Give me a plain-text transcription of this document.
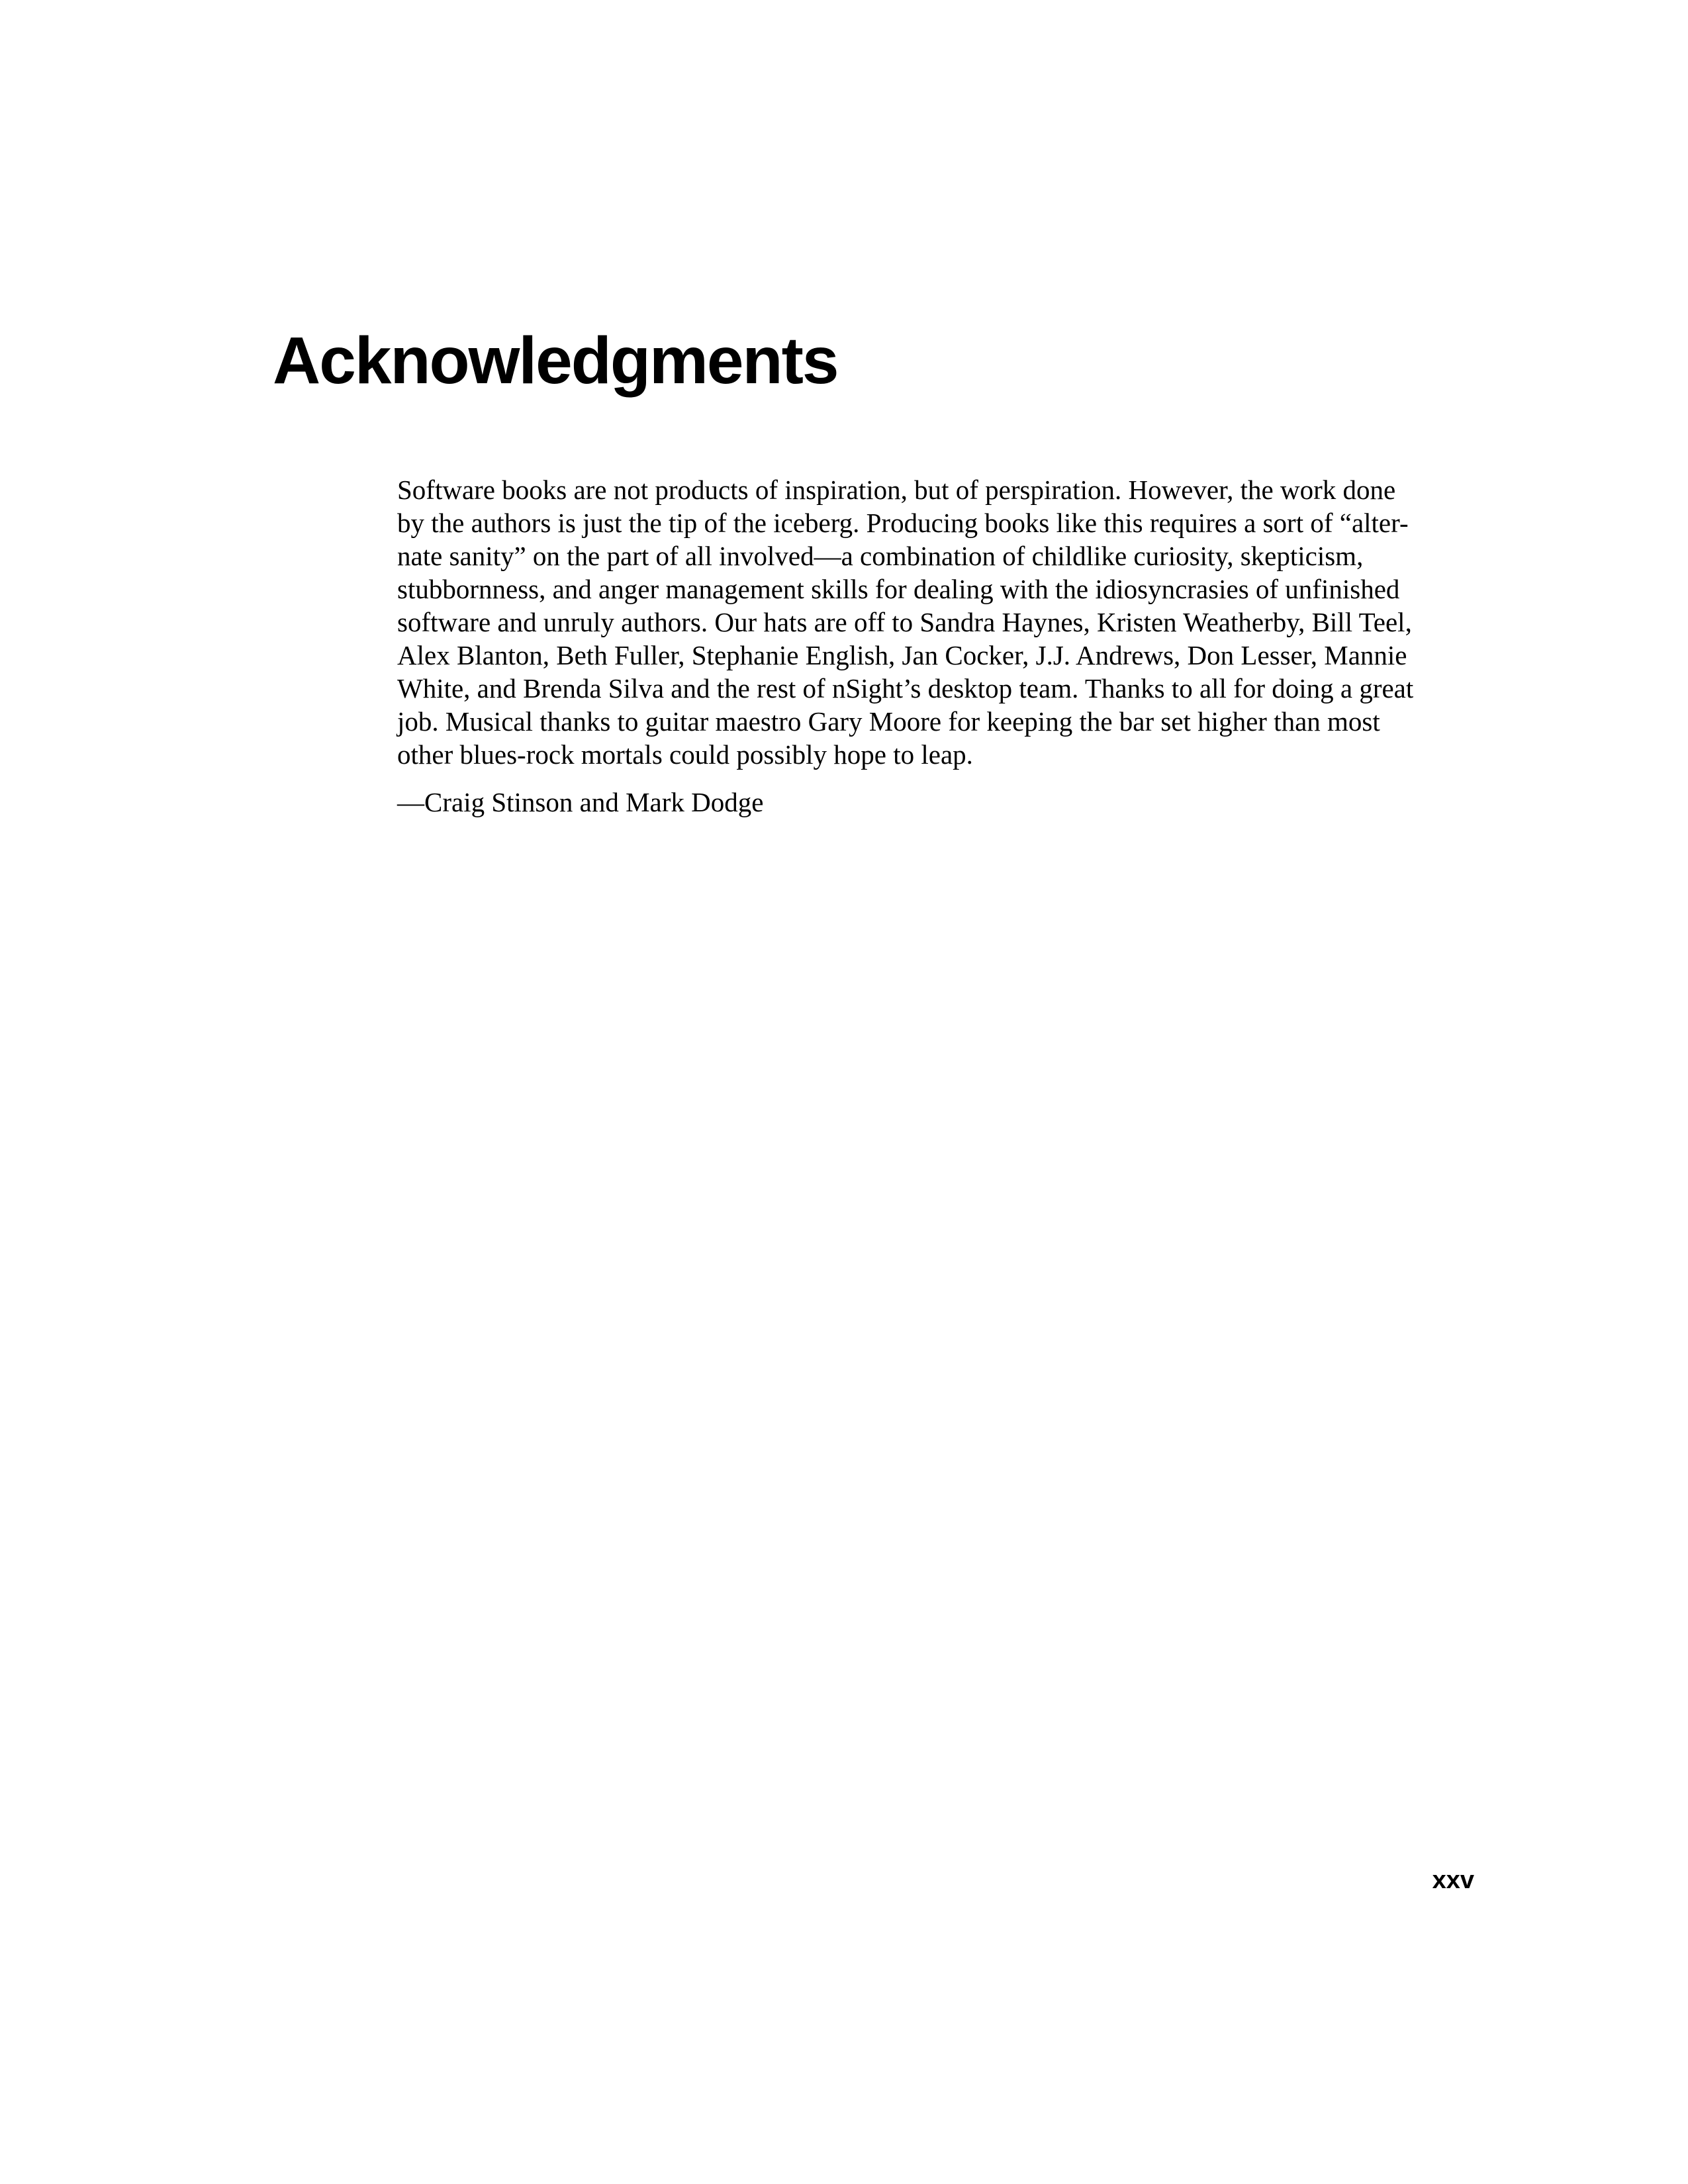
Acknowledgments

Software books are not products of inspiration, but of perspiration. However, the work done
by the authors is just the tip of the iceberg. Producing books like this requires a sort of “alter-
nate sanity” on the part of all involved—a combination of childlike curiosity, skepticism,
stubbornness, and anger management skills for dealing with the idiosyncrasies of unfinished
software and unruly authors. Our hats are off to Sandra Haynes, Kristen Weatherby, Bill Teel,
Alex Blanton, Beth Fuller, Stephanie English, Jan Cocker, J.J. Andrews, Don Lesser, Mannie
White, and Brenda Silva and the rest of nSight’s desktop team. Thanks to all for doing a great
job. Musical thanks to guitar maestro Gary Moore for keeping the bar set higher than most
other blues-rock mortals could possibly hope to leap.

—Craig Stinson and Mark Dodge

xxv
